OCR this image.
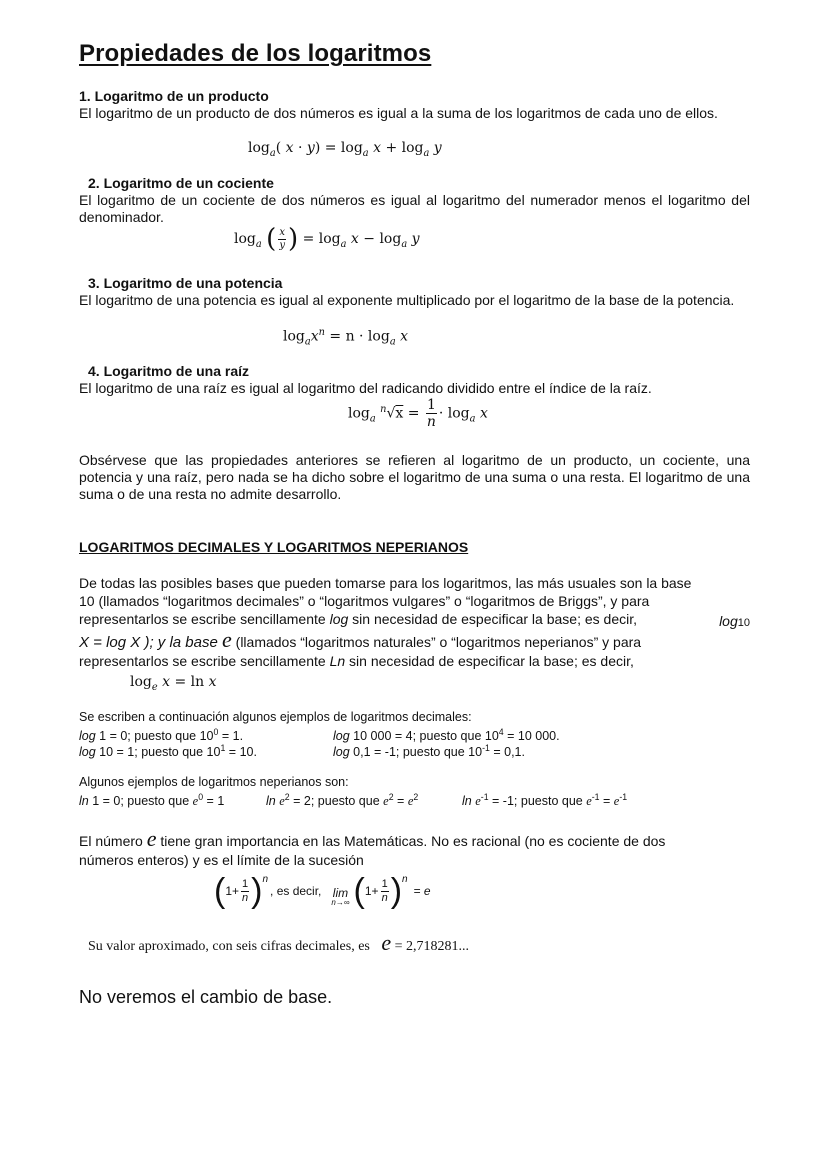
Propiedades de los logaritmos
1. Logaritmo de un producto
El logaritmo de un producto de dos números es igual a la suma de los logaritmos de cada uno de ellos.
$\log_a$( $x \cdot y) = \log_a x + \log_a y$
2. Logaritmo de un cociente
El logaritmo de un cociente de dos números es igual al logaritmo del numerador menos el logaritmo del denominador.
$\log_a$ ( $\frac{x}{y}$ ) = $\log_a x - \log_a y$
3. Logaritmo de una potencia
El logaritmo de una potencia es igual al exponente multiplicado por el logaritmo de la base de la potencia.
$\log_ax^n = n \cdot \log_a x$
4. Logaritmo de una raíz
El logaritmo de una raíz es igual al logaritmo del radicando dividido entre el índice de la raíz.
$\log_a ^n√x = \frac{1}{n} \cdot \log_a x$
Obsérvese que las propiedades anteriores se refieren al logaritmo de un producto, un cociente, una potencia y una raíz, pero nada se ha dicho sobre el logaritmo de una suma o una resta. El logaritmo de una suma o de una resta no admite desarrollo.
LOGARITMOS DECIMALES Y LOGARITMOS NEPERIANOS
De todas las posibles bases que pueden tomarse para los logaritmos, las más usuales son la base
10 (llamados “logaritmos decimales” o “logaritmos vulgares” o “logaritmos de Briggs”, y para
representarlos se escribe sencillamente log sin necesidad de especificar la base; es decir,	log10
X = log X ); y la base e (llamados “logaritmos naturales” o “logaritmos neperianos” y para
representarlos se escribe sencillamente Ln sin necesidad de especificar la base; es decir,
$\log_e x = \ln x$
Se escriben a continuación algunos ejemplos de logaritmos decimales:
log 1 = 0; puesto que $10^0 = 1$.	log 10 000 = 4; puesto que $10^4 = 10$ 000.
log 10 = 1; puesto que $10^1 = 10$.	log 0,1 = -1; puesto que $10^{-1} = 0,1$.
Algunos ejemplos de logaritmos neperianos son:
ln 1 = 0; puesto que $e^0 = 1$	$\ln e^2 = 2$; puesto que $e^2 = e^2$	$\ln e^{-1} = -1$; puesto que $e^{-1} = e^{-1}$
El número e tiene gran importancia en las Matemáticas. No es racional (no es cociente de dos
números enteros) y es el límite de la sucesión
( $1+ \frac{1}{n} )^n$
, es decir, lim
n→∞ ( $1+ \frac{1}{n} )^n$
= e
Su valor aproximado, con seis cifras decimales, es e = 2,718281...
No veremos el cambio de base.
